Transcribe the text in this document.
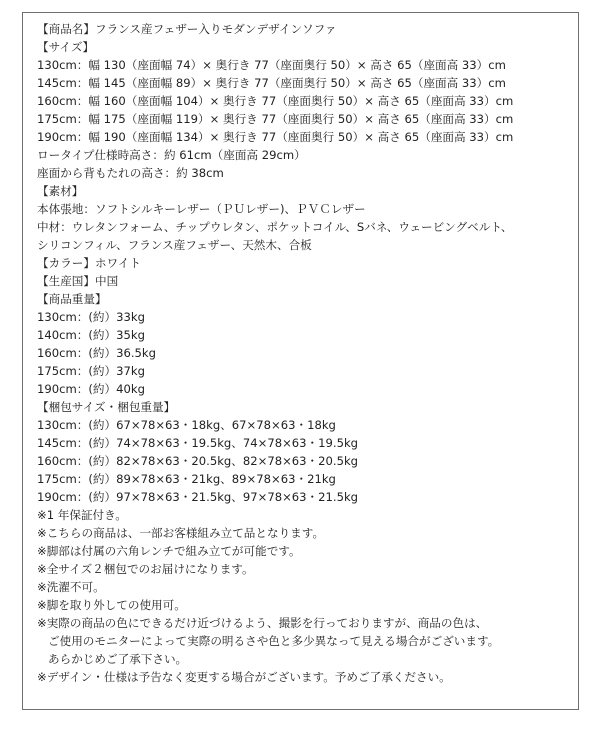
【商品名】フランス産フェザー入りモダンデザインソファ
【サイズ】
130cm：幅 130（座面幅 74）× 奥行き 77（座面奥行 50）× 高さ 65（座面高 33）cm
145cm：幅 145（座面幅 89）× 奥行き 77（座面奥行 50）× 高さ 65（座面高 33）cm
160cm：幅 160（座面幅 104）× 奥行き 77（座面奥行 50）× 高さ 65（座面高 33）cm
175cm：幅 175（座面幅 119）× 奥行き 77（座面奥行 50）× 高さ 65（座面高 33）cm
190cm：幅 190（座面幅 134）× 奥行き 77（座面奥行 50）× 高さ 65（座面高 33）cm
ロータイプ仕様時高さ：約 61cm（座面高 29cm）
座面から背もたれの高さ：約 38cm
【素材】
本体張地：ソフトシルキーレザー（ＰＵレザー)、ＰＶＣレザー
中材：ウレタンフォーム、チップウレタン、ポケットコイル、Sバネ、ウェービングベルト、
シリコンフィル、フランス産フェザー、天然木、合板
【カラー】ホワイト
【生産国】中国
【商品重量】
130cm：(約）33kg
140cm：(約）35kg
160cm：(約）36.5kg
175cm：(約）37kg
190cm：(約）40kg
【梱包サイズ・梱包重量】
130cm：(約）67×78×63・18kg、67×78×63・18kg
145cm：(約）74×78×63・19.5kg、74×78×63・19.5kg
160cm：(約）82×78×63・20.5kg、82×78×63・20.5kg
175cm：(約）89×78×63・21kg、89×78×63・21kg
190cm：(約）97×78×63・21.5kg、97×78×63・21.5kg
※1 年保証付き。
※こちらの商品は、一部お客様組み立て品となります。
※脚部は付属の六角レンチで組み立てが可能です。
※全サイズ２梱包でのお届けになります。
※洗濯不可。
※脚を取り外しての使用可。
※実際の商品の色にできるだけ近づけるよう、撮影を行っておりますが、商品の色は、
ご使用のモニターによって実際の明るさや色と多少異なって見える場合がございます。
あらかじめご了承下さい。
※デザイン・仕様は予告なく変更する場合がございます。予めご了承ください。
